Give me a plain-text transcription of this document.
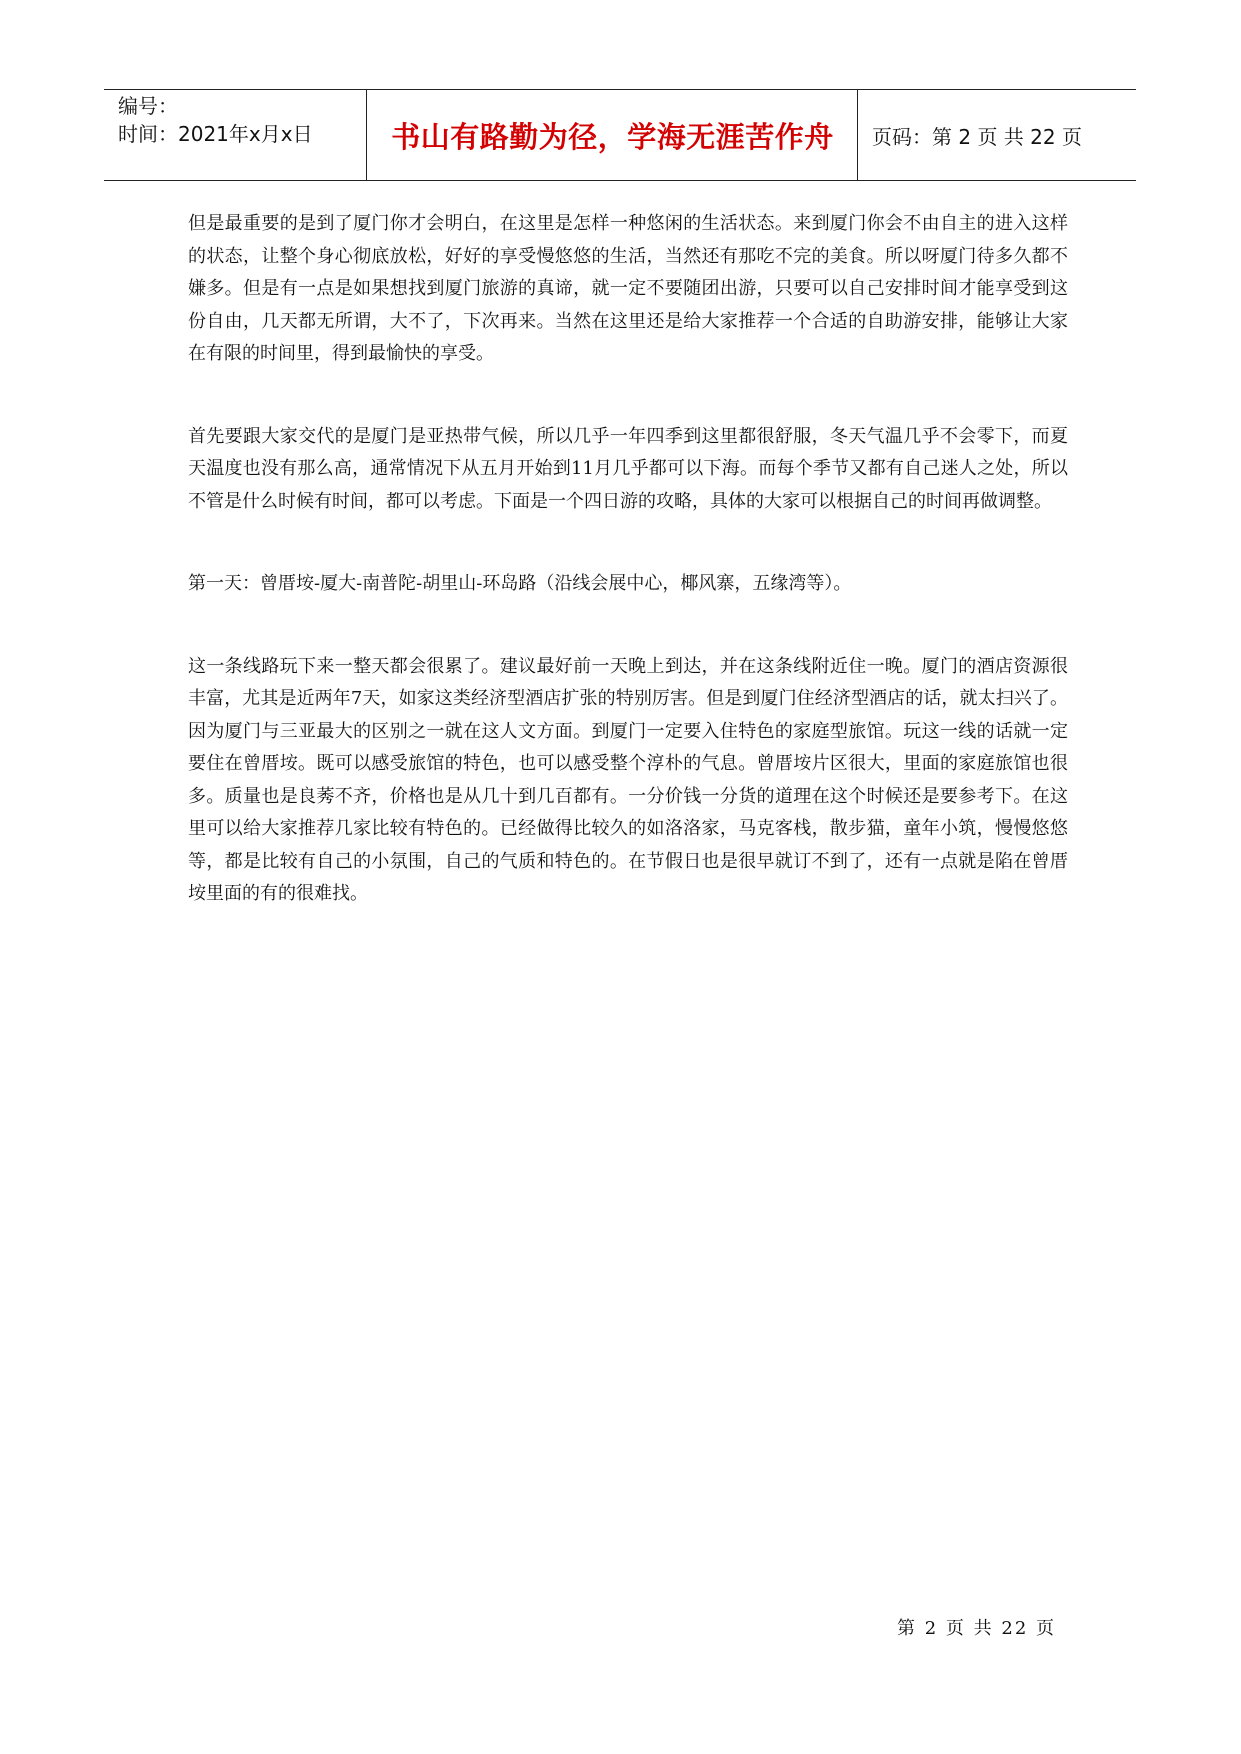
编号：
时间：2021年x月x日	书山有路勤为径，学海无涯苦作舟	页码：第 2 页 共 22 页

但是最重要的是到了厦门你才会明白，在这里是怎样一种悠闲的生活状态。来到厦门你会不由自主的进入这样的状态，让整个身心彻底放松，好好的享受慢悠悠的生活，当然还有那吃不完的美食。所以呀厦门待多久都不嫌多。但是有一点是如果想找到厦门旅游的真谛，就一定不要随团出游，只要可以自己安排时间才能享受到这份自由，几天都无所谓，大不了，下次再来。当然在这里还是给大家推荐一个合适的自助游安排，能够让大家在有限的时间里，得到最愉快的享受。

首先要跟大家交代的是厦门是亚热带气候，所以几乎一年四季到这里都很舒服，冬天气温几乎不会零下，而夏天温度也没有那么高，通常情况下从五月开始到11月几乎都可以下海。而每个季节又都有自己迷人之处，所以不管是什么时候有时间，都可以考虑。下面是一个四日游的攻略，具体的大家可以根据自己的时间再做调整。

第一天：曾厝垵-厦大-南普陀-胡里山-环岛路（沿线会展中心，椰风寨，五缘湾等）。

这一条线路玩下来一整天都会很累了。建议最好前一天晚上到达，并在这条线附近住一晚。厦门的酒店资源很丰富，尤其是近两年7天，如家这类经济型酒店扩张的特别厉害。但是到厦门住经济型酒店的话，就太扫兴了。因为厦门与三亚最大的区别之一就在这人文方面。到厦门一定要入住特色的家庭型旅馆。玩这一线的话就一定要住在曾厝垵。既可以感受旅馆的特色，也可以感受整个淳朴的气息。曾厝垵片区很大，里面的家庭旅馆也很多。质量也是良莠不齐，价格也是从几十到几百都有。一分价钱一分货的道理在这个时候还是要参考下。在这里可以给大家推荐几家比较有特色的。已经做得比较久的如洛洛家，马克客栈，散步猫，童年小筑，慢慢悠悠等，都是比较有自己的小氛围，自己的气质和特色的。在节假日也是很早就订不到了，还有一点就是陷在曾厝垵里面的有的很难找。

第 2 页 共 22 页
